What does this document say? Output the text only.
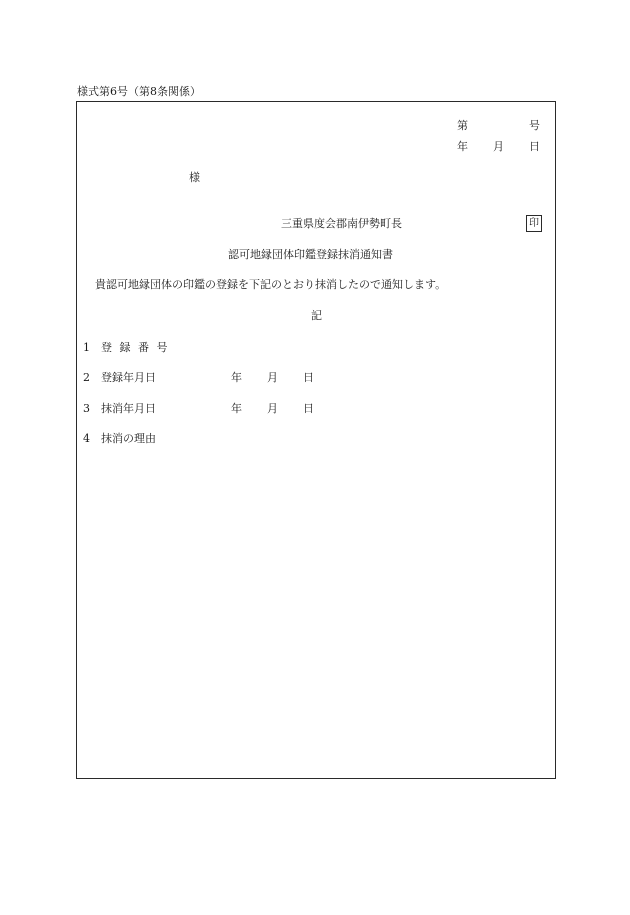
様式第6号（第8条関係）
第	号
年 月 日
様
三重県度会郡南伊勢町長	印
認可地縁団体印鑑登録抹消通知書
貴認可地縁団体の印鑑の登録を下記のとおり抹消したので通知します。
記
1 登 録 番 号
2 登録年月日	年 月 日
3 抹消年月日	年 月 日
4 抹消の理由
